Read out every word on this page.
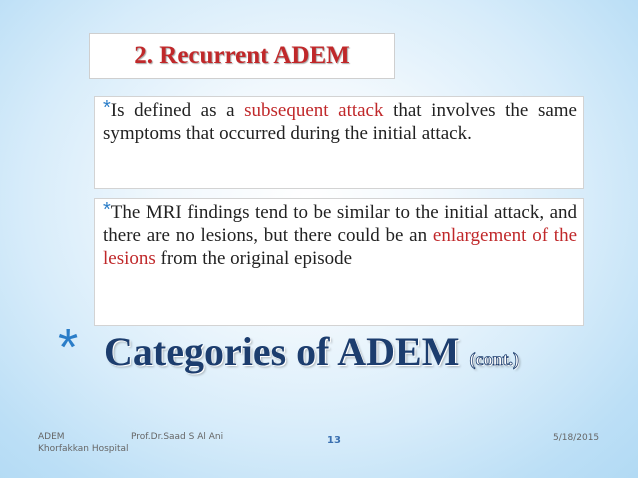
2. Recurrent ADEM
*Is defined as a subsequent attack that involves the same symptoms that occurred during the initial attack.
*The MRI findings tend to be similar to the initial attack, and there are no lesions, but there could be an enlargement of the lesions from the original episode
* Categories of ADEM (cont.)
ADEM
Khorfakkan Hospital
Prof.Dr.Saad S Al Ani	13	5/18/2015
